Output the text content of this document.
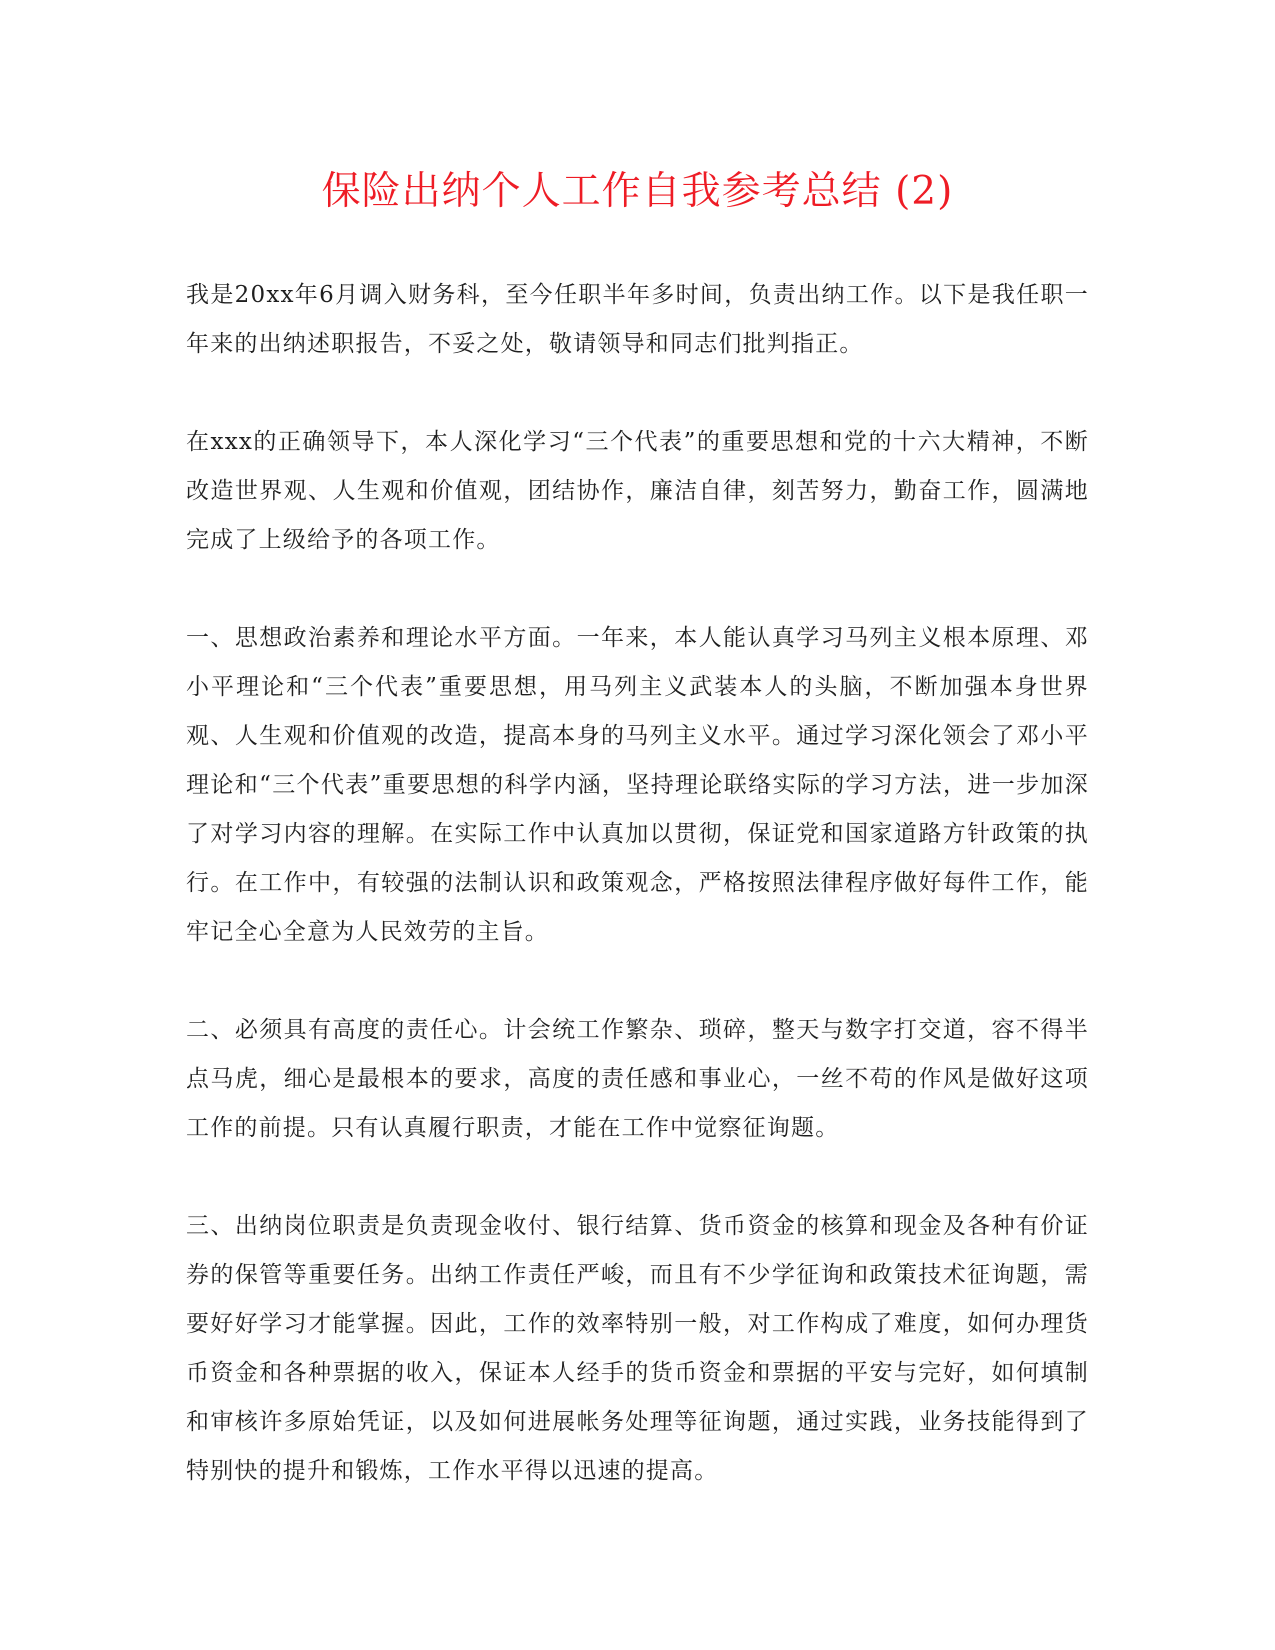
保险出纳个人工作自我参考总结 (2)

我是20xx年6月调入财务科，至今任职半年多时间，负责出纳工作。以下是我任职一年来的出纳述职报告，不妥之处，敬请领导和同志们批判指正。

在xxx的正确领导下，本人深化学习“三个代表”的重要思想和党的十六大精神，不断改造世界观、人生观和价值观，团结协作，廉洁自律，刻苦努力，勤奋工作，圆满地完成了上级给予的各项工作。

一、思想政治素养和理论水平方面。一年来，本人能认真学习马列主义根本原理、邓小平理论和“三个代表”重要思想，用马列主义武装本人的头脑，不断加强本身世界观、人生观和价值观的改造，提高本身的马列主义水平。通过学习深化领会了邓小平理论和“三个代表”重要思想的科学内涵，坚持理论联络实际的学习方法，进一步加深了对学习内容的理解。在实际工作中认真加以贯彻，保证党和国家道路方针政策的执行。在工作中，有较强的法制认识和政策观念，严格按照法律程序做好每件工作，能牢记全心全意为人民效劳的主旨。

二、必须具有高度的责任心。计会统工作繁杂、琐碎，整天与数字打交道，容不得半点马虎，细心是最根本的要求，高度的责任感和事业心，一丝不苟的作风是做好这项工作的前提。只有认真履行职责，才能在工作中觉察征询题。

三、出纳岗位职责是负责现金收付、银行结算、货币资金的核算和现金及各种有价证券的保管等重要任务。出纳工作责任严峻，而且有不少学征询和政策技术征询题，需要好好学习才能掌握。因此，工作的效率特别一般，对工作构成了难度，如何办理货币资金和各种票据的收入，保证本人经手的货币资金和票据的平安与完好，如何填制和审核许多原始凭证，以及如何进展帐务处理等征询题，通过实践，业务技能得到了特别快的提升和锻炼，工作水平得以迅速的提高。
